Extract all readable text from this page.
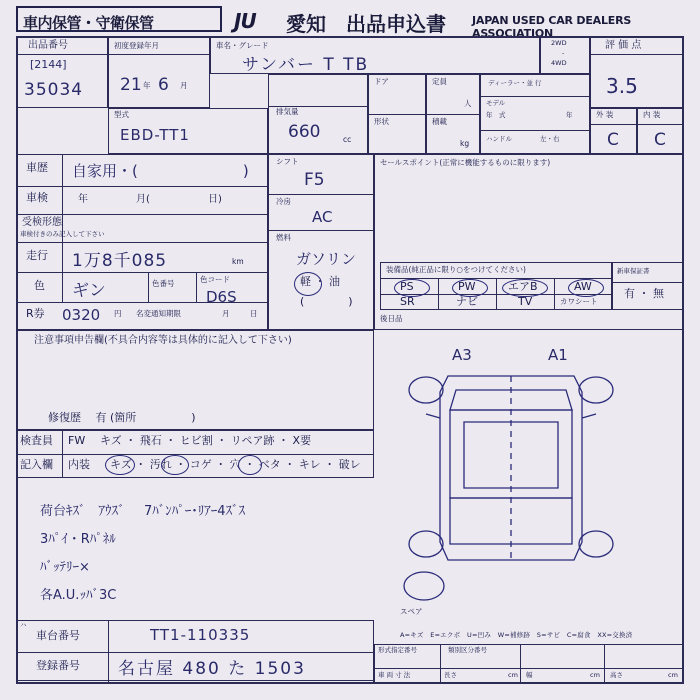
車内保管・守衛保管	JU 愛知 出品申込書 JAPAN USED CAR DEALERS ASSOCIATION
出品番号
[2144]
35034
初度登録年月
21 年 6 月
車名・グレード
サンバー T TB
2WD
-
4WD
評 価 点
3.5
型式
EBD-TT1
排気量
660	cc
ドア	定員
人
形状	積載
kg
ディーラー・並 行
モデル
年　式	年
ハンドル	左・右
外 装	内 装
C C
車歴 自家用・(　　　　　　　)
車検	年	月(	日)
受検形態
車検付きのみ記入して下さい
走行 1万8千085	km
色 ギン	色番号	色コード
D6S
R券 0320 円 名変通知期限	月	日
シフト
F5
冷房
AC
燃料
ガソリン
軽 ・ 油
(　　　　)
セールスポイント(正常に機能するものに限ります)
装備品(純正品に限り○をつけてください)
PS	PW	エアB	AW
SR	ナビ	TV	カワシート
新車保証書
有 ・ 無
後日品
注意事項申告欄(不具合内容等は具体的に記入して下さい)
修復歴　 有 (箇所　　　　　)
検査員
記入欄
FW キズ ・ 飛石 ・ ヒビ割 ・ リペア跡 ・ X要
内装 キズ ・ 汚れ ・ コゲ ・ 穴 ・ ベタ ・ キレ ・ 破レ
荷台ｷｽﾞ　ｱｳｽ゛　7ﾊﾞﾝﾊﾟｰ･ﾘｱｰ4ｽﾞｽ
3ﾊﾟｲ・Rﾊﾟﾈﾙ
ﾊﾞｯﾃﾘｰ×
各A.U.ｯﾊﾞ3C
A3	A1
スペア
A=キズ　E=エクボ　U=凹み　W=補修跡　S=サビ　C=腐食　XX=交換済
車台番号	TT1-110335
登録番号 名古屋 480 た 1503
形式指定番号	類別区分番号
車 両 寸 法	長さ	cm 幅	cm 高さ	cm
ハ
